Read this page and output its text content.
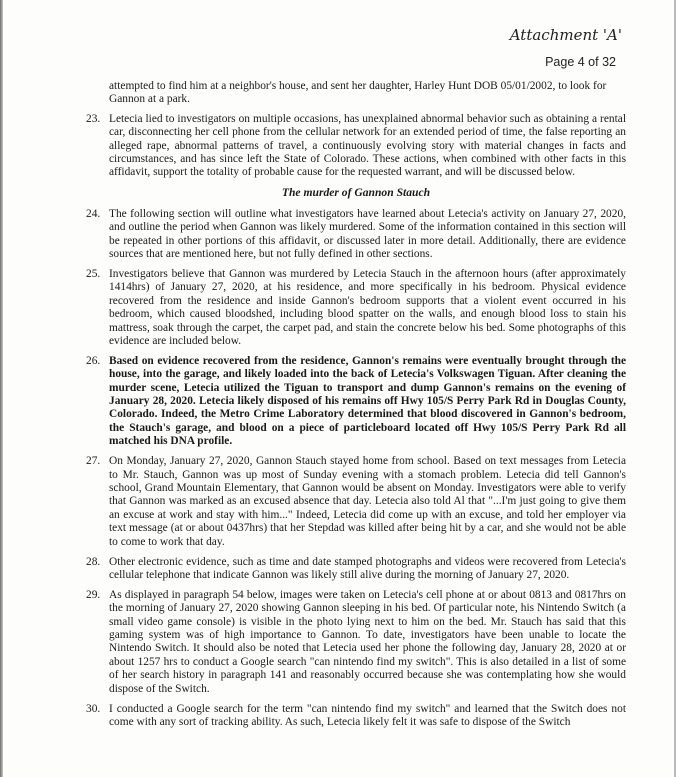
Attachment 'A'
Page 4 of 32

attempted to find him at a neighbor's house, and sent her daughter, Harley Hunt DOB 05/01/2002, to look for Gannon at a park.

23. Letecia lied to investigators on multiple occasions, has unexplained abnormal behavior such as obtaining a rental car, disconnecting her cell phone from the cellular network for an extended period of time, the false reporting an alleged rape, abnormal patterns of travel, a continuously evolving story with material changes in facts and circumstances, and has since left the State of Colorado. These actions, when combined with other facts in this affidavit, support the totality of probable cause for the requested warrant, and will be discussed below.
The murder of Gannon Stauch
24. The following section will outline what investigators have learned about Letecia's activity on January 27, 2020, and outline the period when Gannon was likely murdered. Some of the information contained in this section will be repeated in other portions of this affidavit, or discussed later in more detail. Additionally, there are evidence sources that are mentioned here, but not fully defined in other sections.
25. Investigators believe that Gannon was murdered by Letecia Stauch in the afternoon hours (after approximately 1414hrs) of January 27, 2020, at his residence, and more specifically in his bedroom. Physical evidence recovered from the residence and inside Gannon's bedroom supports that a violent event occurred in his bedroom, which caused bloodshed, including blood spatter on the walls, and enough blood loss to stain his mattress, soak through the carpet, the carpet pad, and stain the concrete below his bed. Some photographs of this evidence are included below.
26. Based on evidence recovered from the residence, Gannon's remains were eventually brought through the house, into the garage, and likely loaded into the back of Letecia's Volkswagen Tiguan. After cleaning the murder scene, Letecia utilized the Tiguan to transport and dump Gannon's remains on the evening of January 28, 2020. Letecia likely disposed of his remains off Hwy 105/S Perry Park Rd in Douglas County, Colorado. Indeed, the Metro Crime Laboratory determined that blood discovered in Gannon's bedroom, the Stauch's garage, and blood on a piece of particleboard located off Hwy 105/S Perry Park Rd all matched his DNA profile.
27. On Monday, January 27, 2020, Gannon Stauch stayed home from school. Based on text messages from Letecia to Mr. Stauch, Gannon was up most of Sunday evening with a stomach problem. Letecia did tell Gannon's school, Grand Mountain Elementary, that Gannon would be absent on Monday. Investigators were able to verify that Gannon was marked as an excused absence that day. Letecia also told Al that "...I'm just going to give them an excuse at work and stay with him..." Indeed, Letecia did come up with an excuse, and told her employer via text message (at or about 0437hrs) that her Stepdad was killed after being hit by a car, and she would not be able to come to work that day.
28. Other electronic evidence, such as time and date stamped photographs and videos were recovered from Letecia's cellular telephone that indicate Gannon was likely still alive during the morning of January 27, 2020.
29. As displayed in paragraph 54 below, images were taken on Letecia's cell phone at or about 0813 and 0817hrs on the morning of January 27, 2020 showing Gannon sleeping in his bed. Of particular note, his Nintendo Switch (a small video game console) is visible in the photo lying next to him on the bed. Mr. Stauch has said that this gaming system was of high importance to Gannon. To date, investigators have been unable to locate the Nintendo Switch. It should also be noted that Letecia used her phone the following day, January 28, 2020 at or about 1257 hrs to conduct a Google search "can nintendo find my switch". This is also detailed in a list of some of her search history in paragraph 141 and reasonably occurred because she was contemplating how she would dispose of the Switch.
30. I conducted a Google search for the term "can nintendo find my switch" and learned that the Switch does not come with any sort of tracking ability. As such, Letecia likely felt it was safe to dispose of the Switch
